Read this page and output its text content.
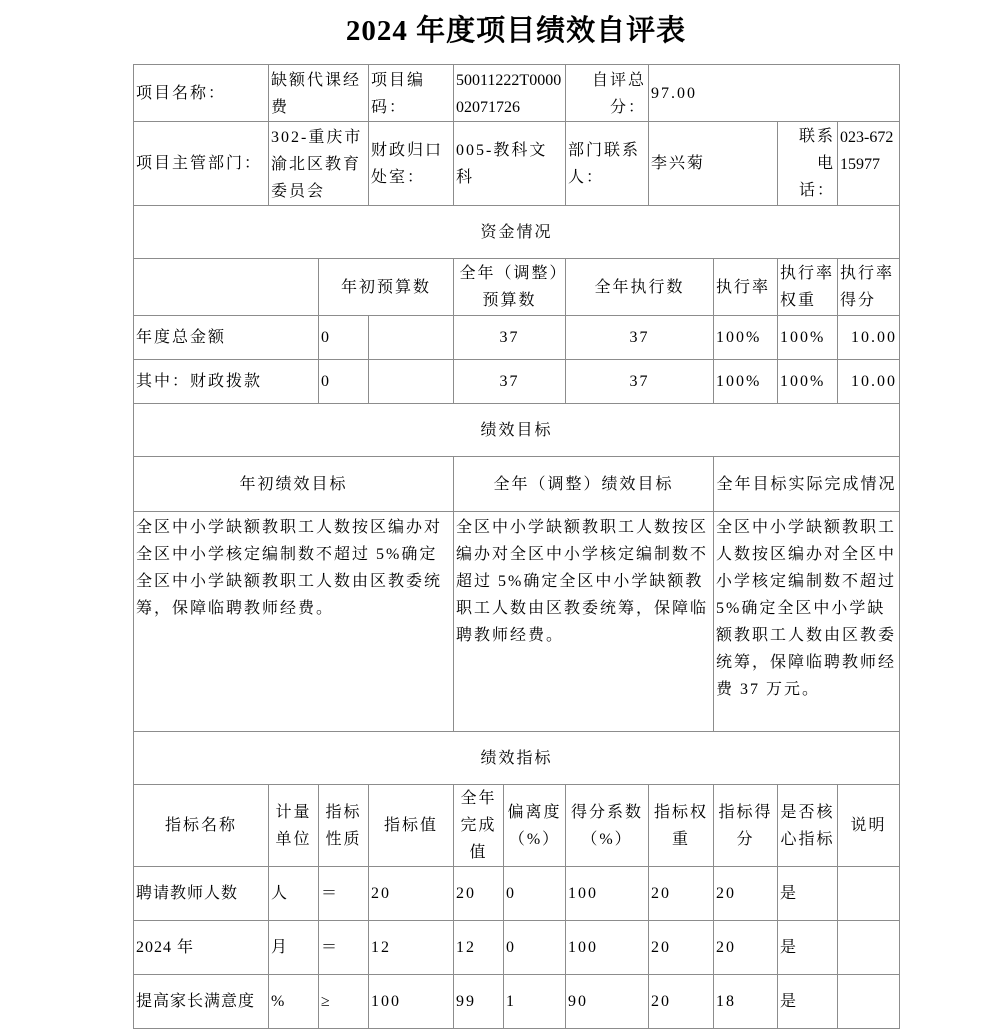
2024 年度项目绩效自评表
项目名称：	缺额代课经费		项目编码：	50011222T000002071726		自评总分：	97.00			
项目主管部门：	302-重庆市渝北区教育委员会		财政归口处室：	005-教科文科		部门联系人：	李兴菊		联系电话：	023-67215977
资金情况										
		年初预算数		全年（调整）预算数		全年执行数		执行率	执行率权重	执行率得分
年度总金额		0		37		37		100%	100%	10.00
其中：财政拨款		0		37		37		100%	100%	10.00
绩效目标										
年初绩效目标				全年（调整）绩效目标				全年目标实际完成情况		
全区中小学缺额教职工人数按区编办对全区中小学核定编制数不超过 5%确定全区中小学缺额教职工人数由区教委统筹，保障临聘教师经费。				全区中小学缺额教职工人数按区编办对全区中小学核定编制数不超过 5%确定全区中小学缺额教职工人数由区教委统筹，保障临聘教师经费。				全区中小学缺额教职工人数按区编办对全区中小学核定编制数不超过 5%确定全区中小学缺额教职工人数由区教委统筹，保障临聘教师经费 37 万元。		
绩效指标										
指标名称	计量单位	指标性质	指标值	全年完成值	偏离度（%）	得分系数（%）	指标权重	指标得分	是否核心指标	说明
聘请教师人数	人	＝	20	20	0	100	20	20	是	
2024 年	月	＝	12	12	0	100	20	20	是	
提高家长满意度	%	≥	100	99	1	90	20	18	是	
